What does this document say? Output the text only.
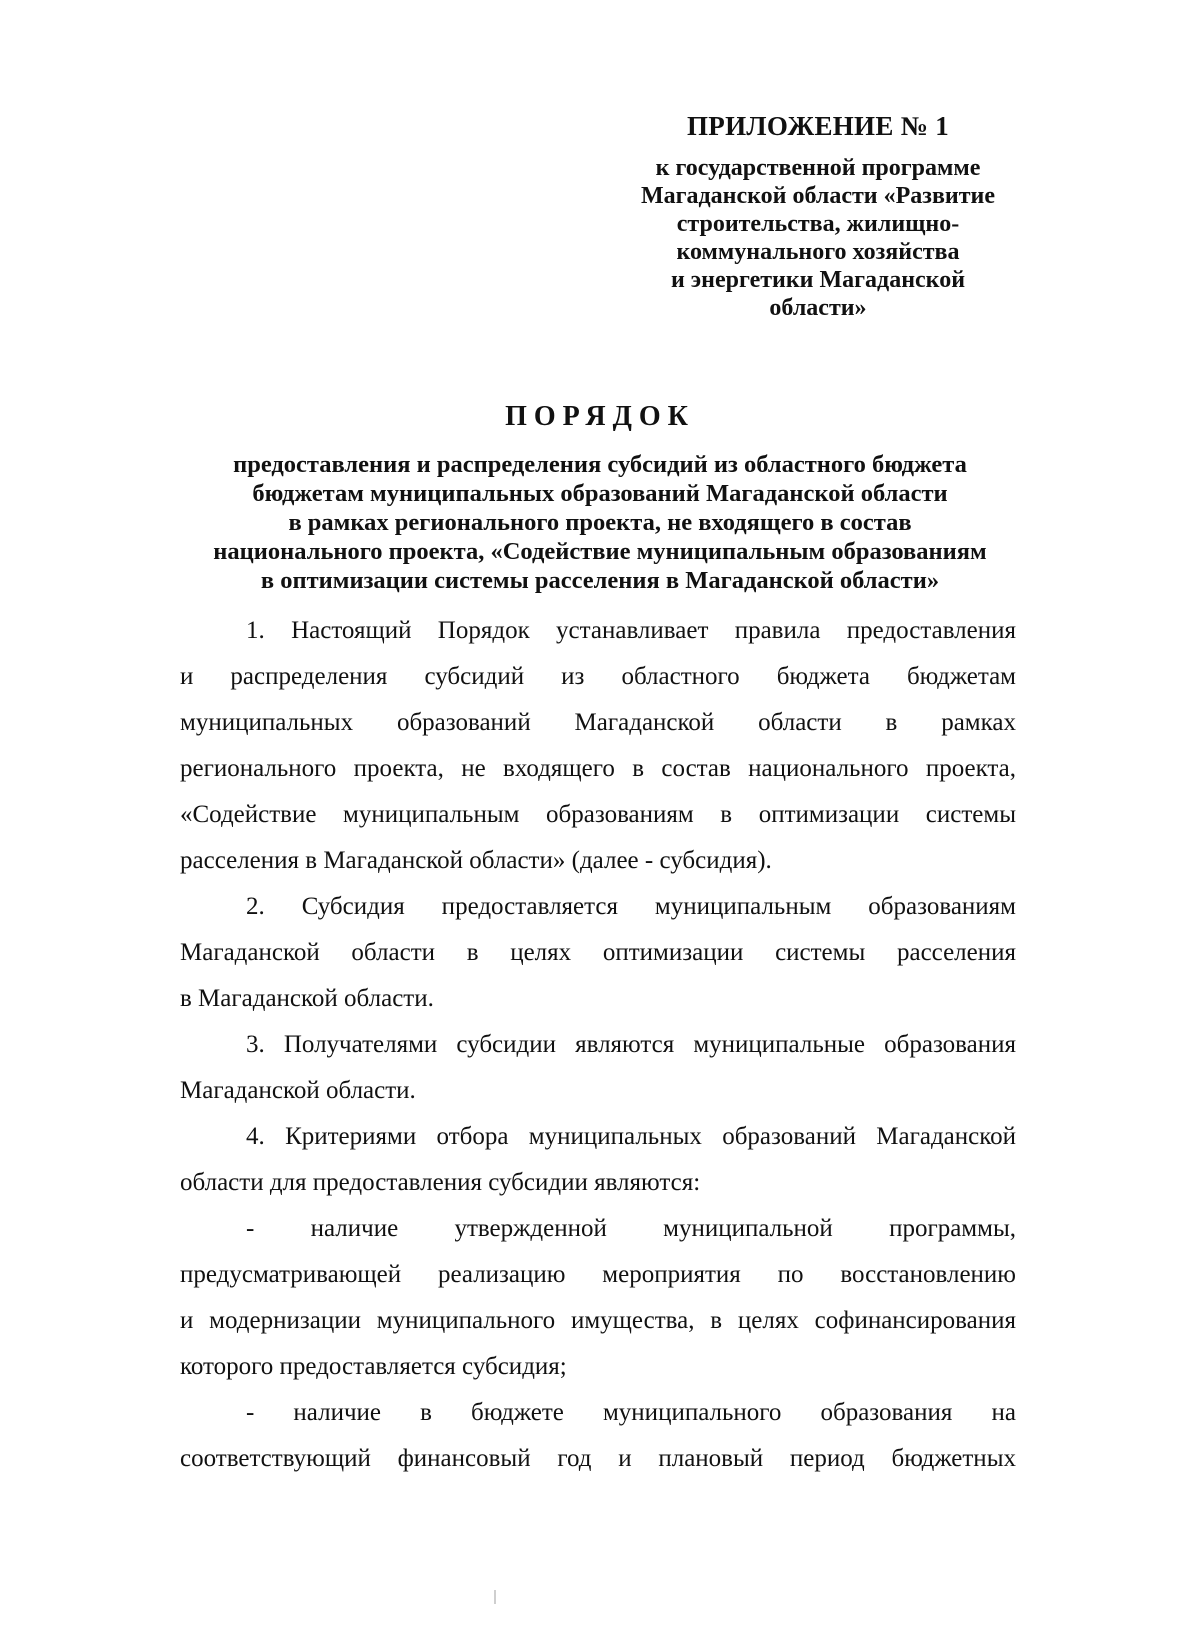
ПРИЛОЖЕНИЕ № 1

к государственной программе

Магаданской области «Развитие

строительства, жилищно-

коммунального хозяйства

и энергетики Магаданской

области»

ПОРЯДОК

предоставления и распределения субсидий из областного бюджета

бюджетам муниципальных образований Магаданской области

в рамках регионального проекта, не входящего в состав

национального проекта, «Содействие муниципальным образованиям

в оптимизации системы расселения в Магаданской области»

1. Настоящий Порядок устанавливает правила предоставления
и распределения субсидий из областного бюджета бюджетам
муниципальных образований Магаданской области в рамках
регионального проекта, не входящего в состав национального проекта,
«Содействие муниципальным образованиям в оптимизации системы
расселения в Магаданской области» (далее - субсидия).
2. Субсидия предоставляется муниципальным образованиям
Магаданской области в целях оптимизации системы расселения
в Магаданской области.
3. Получателями субсидии являются муниципальные образования
Магаданской области.
4. Критериями отбора муниципальных образований Магаданской
области для предоставления субсидии являются:
- наличие утвержденной муниципальной программы,
предусматривающей реализацию мероприятия по восстановлению
и модернизации муниципального имущества, в целях софинансирования
которого предоставляется субсидия;
- наличие в бюджете муниципального образования на
соответствующий финансовый год и плановый период бюджетных
